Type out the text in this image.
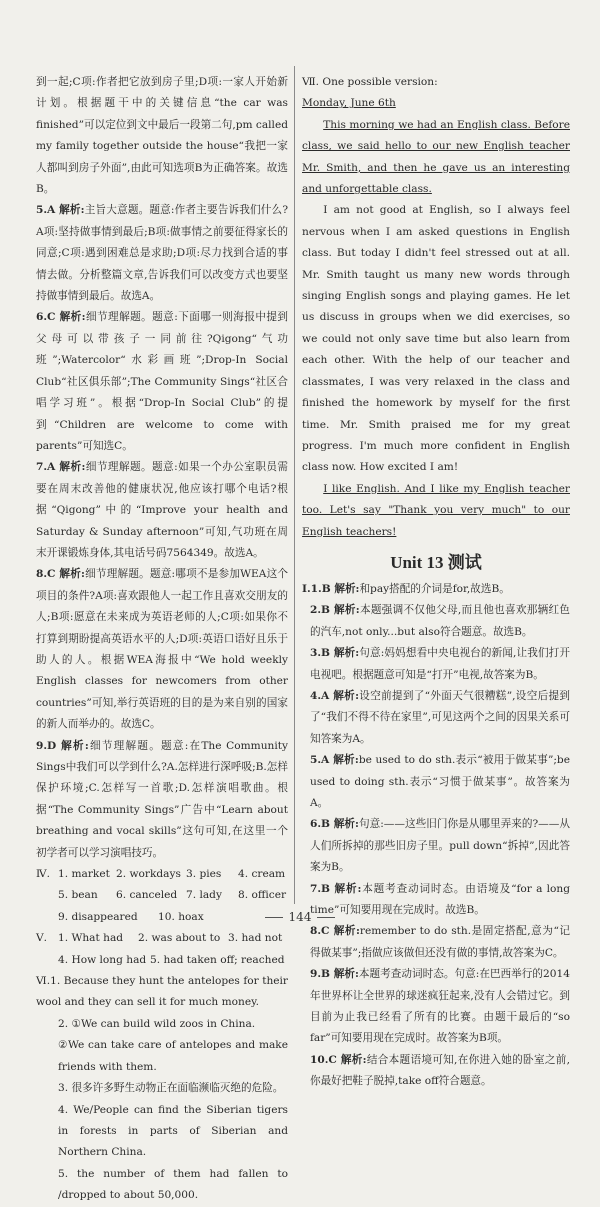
到一起;C项:作者把它放到房子里;D项:一家人开始新计划。根据题干中的关键信息“the car was finished”可以定位到文中最后一段第二句,pm called my family together outside the house“我把一家人都叫到房子外面”,由此可知选项B为正确答案。故选B。

5.A 解析:主旨大意题。题意:作者主要告诉我们什么?A项:坚持做事情到最后;B项:做事情之前要征得家长的同意;C项:遇到困难总是求助;D项:尽力找到合适的事情去做。分析整篇文章,告诉我们可以改变方式也要坚持做事情到最后。故选A。

6.C 解析:细节理解题。题意:下面哪一则海报中提到父母可以带孩子一同前往?Qigong“气功班”;Watercolor“水彩画班”;Drop-In Social Club“社区俱乐部”;The Community Sings“社区合唱学习班”。根据“Drop-In Social Club”的提到“Children are welcome to come with parents”可知选C。

7.A 解析:细节理解题。题意:如果一个办公室职员需要在周末改善他的健康状况,他应该打哪个电话?根据“Qigong”中的“Improve your health and Saturday & Sunday afternoon”可知,气功班在周末开课锻炼身体,其电话号码7564349。故选A。

8.C 解析:细节理解题。题意:哪项不是参加WEA这个项目的条件?A项:喜欢跟他人一起工作且喜欢交朋友的人;B项:愿意在未来成为英语老师的人;C项:如果你不打算到期盼提高英语水平的人;D项:英语口语好且乐于助人的人。根据WEA海报中“We hold weekly English classes for newcomers from other countries”可知,举行英语班的目的是为来自别的国家的新人而举办的。故选C。

9.D 解析:细节理解题。题意:在The Community Sings中我们可以学到什么?A.怎样进行深呼吸;B.怎样保护环境;C.怎样写一首歌;D.怎样演唱歌曲。根据“The Community Sings”广告中“Learn about breathing and vocal skills”这句可知,在这里一个初学者可以学习演唱技巧。

Ⅳ. 1. market 2. workdays 3. pies	4. cream
5. bean	6. canceled 7. lady	8. officer
9. disappeared	10. hoax
Ⅴ.	1. What had	2. was about to 3. had not
4. How long had 5. had taken off; reached

Ⅵ.1. Because they hunt the antelopes for their wool and they can sell it for much money.

2. ①We can build wild zoos in China.

②We can take care of antelopes and make friends with them.

3. 很多许多野生动物正在面临濒临灭绝的危险。

4. We/People can find the Siberian tigers in forests in parts of Siberian and Northern China.

5. the number of them had fallen to /dropped to about 50,000.

Ⅶ. One possible version:

Monday, June 6th

This morning we had an English class. Before class, we said hello to our new English teacher Mr. Smith, and then he gave us an interesting and unforgettable class.

I am not good at English, so I always feel nervous when I am asked questions in English class. But today I didn't feel stressed out at all. Mr. Smith taught us many new words through singing English songs and playing games. He let us discuss in groups when we did exercises, so we could not only save time but also learn from each other. With the help of our teacher and classmates, I was very relaxed in the class and finished the homework by myself for the first time. Mr. Smith praised me for my great progress. I'm much more confident in English class now. How excited I am!

I like English. And I like my English teacher too. Let's say "Thank you very much" to our English teachers!

Unit 13 测试

Ⅰ.1.B 解析:和pay搭配的介词是for,故选B。

2.B 解析:本题强调不仅他父母,而且他也喜欢那辆红色的汽车,not only...but also符合题意。故选B。

3.B 解析:句意:妈妈想看中央电视台的新闻,让我们打开电视吧。根据题意可知是“打开”电视,故答案为B。

4.A 解析:设空前提到了“外面天气很糟糕”,设空后提到了“我们不得不待在家里”,可见这两个之间的因果关系可知答案为A。

5.A 解析:be used to do sth.表示“被用于做某事”;be used to doing sth.表示“习惯于做某事”。故答案为A。

6.B 解析:句意:——这些旧门你是从哪里弄来的?——从人们所拆掉的那些旧房子里。pull down“拆掉”,因此答案为B。

7.B 解析:本题考查动词时态。由语境及“for a long time”可知要用现在完成时。故选B。

8.C 解析:remember to do sth.是固定搭配,意为“记得做某事”;指做应该做但还没有做的事情,故答案为C。

9.B 解析:本题考查动词时态。句意:在巴西举行的2014年世界杯让全世界的球迷疯狂起来,没有人会错过它。到目前为止我已经看了所有的比赛。由题干最后的“so far”可知要用现在完成时。故答案为B项。

10.C 解析:结合本题语境可知,在你进入她的卧室之前,你最好把鞋子脱掉,take off符合题意。

144
